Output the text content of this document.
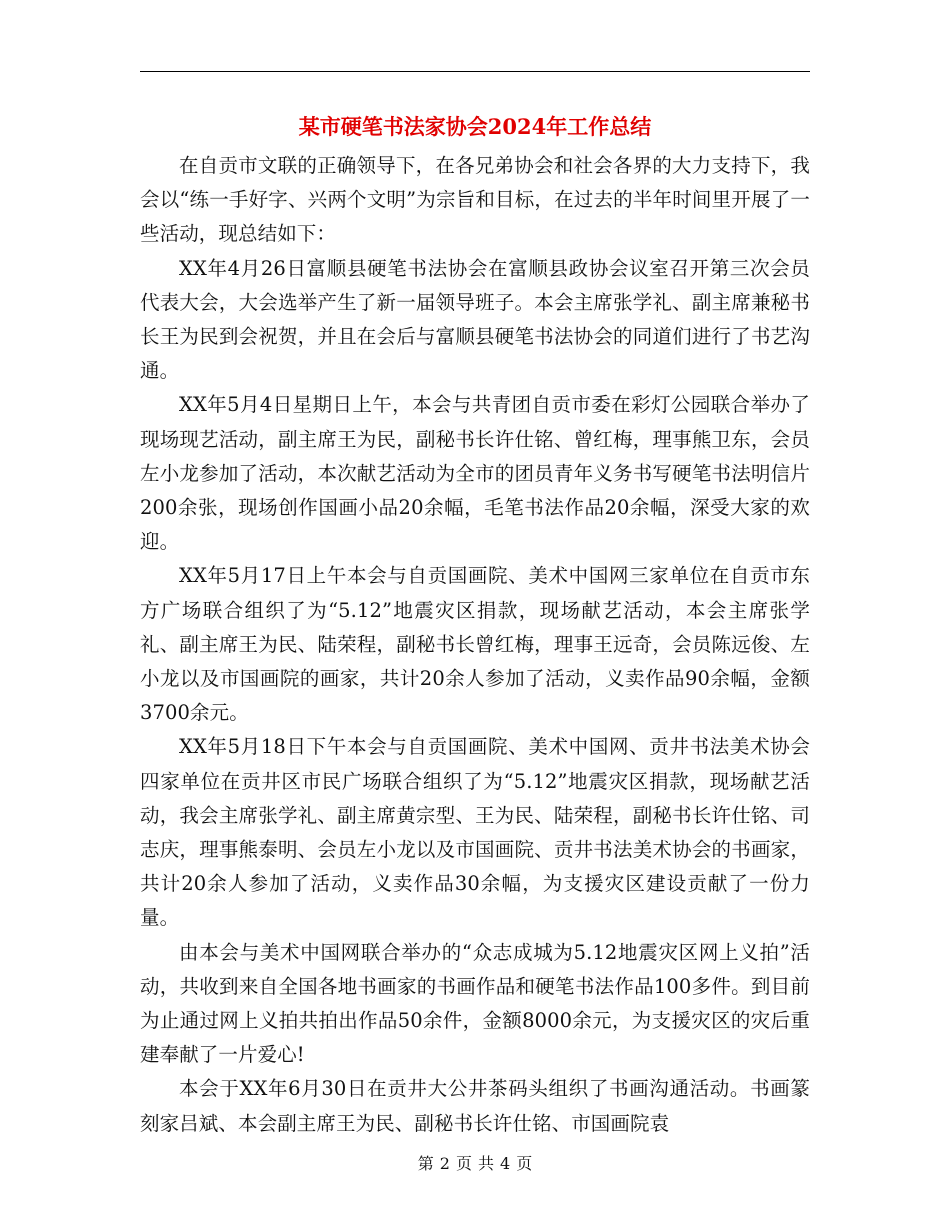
某市硬笔书法家协会2024年工作总结

在自贡市文联的正确领导下，在各兄弟协会和社会各界的大力支持下，我会以“练一手好字、兴两个文明”为宗旨和目标，在过去的半年时间里开展了一些活动，现总结如下：

XX年4月26日富顺县硬笔书法协会在富顺县政协会议室召开第三次会员代表大会，大会选举产生了新一届领导班子。本会主席张学礼、副主席兼秘书长王为民到会祝贺，并且在会后与富顺县硬笔书法协会的同道们进行了书艺沟通。

XX年5月4日星期日上午，本会与共青团自贡市委在彩灯公园联合举办了现场现艺活动，副主席王为民，副秘书长许仕铭、曾红梅，理事熊卫东，会员左小龙参加了活动，本次献艺活动为全市的团员青年义务书写硬笔书法明信片200余张，现场创作国画小品20余幅，毛笔书法作品20余幅，深受大家的欢迎。

XX年5月17日上午本会与自贡国画院、美术中国网三家单位在自贡市东方广场联合组织了为“5.12”地震灾区捐款，现场献艺活动，本会主席张学礼、副主席王为民、陆荣程，副秘书长曾红梅，理事王远奇，会员陈远俊、左小龙以及市国画院的画家，共计20余人参加了活动，义卖作品90余幅，金额3700余元。

XX年5月18日下午本会与自贡国画院、美术中国网、贡井书法美术协会四家单位在贡井区市民广场联合组织了为“5.12”地震灾区捐款，现场献艺活动，我会主席张学礼、副主席黄宗型、王为民、陆荣程，副秘书长许仕铭、司志庆，理事熊泰明、会员左小龙以及市国画院、贡井书法美术协会的书画家，共计20余人参加了活动，义卖作品30余幅，为支援灾区建设贡献了一份力量。

由本会与美术中国网联合举办的“众志成城为5.12地震灾区网上义拍”活动，共收到来自全国各地书画家的书画作品和硬笔书法作品100多件。到目前为止通过网上义拍共拍出作品50余件，金额8000余元，为支援灾区的灾后重建奉献了一片爱心!

本会于XX年6月30日在贡井大公井茶码头组织了书画沟通活动。书画篆刻家吕斌、本会副主席王为民、副秘书长许仕铭、市国画院袁

第 2 页 共 4 页
